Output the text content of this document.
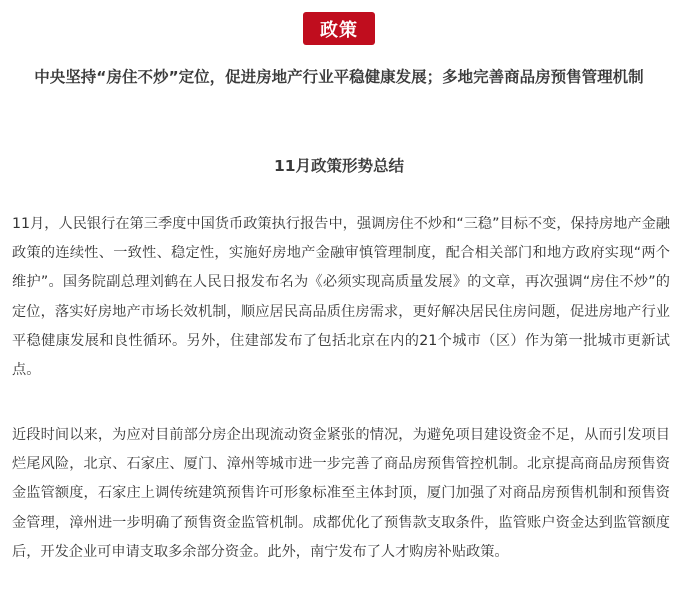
政策
中央坚持“房住不炒”定位，促进房地产行业平稳健康发展；多地完善商品房预售管理机制
11月政策形势总结

11月，人民银行在第三季度中国货币政策执行报告中，强调房住不炒和“三稳”目标不变，保持房地产金融政策的连续性、一致性、稳定性，实施好房地产金融审慎管理制度，配合相关部门和地方政府实现“两个维护”。国务院副总理刘鹤在人民日报发布名为《必须实现高质量发展》的文章，再次强调“房住不炒”的定位，落实好房地产市场长效机制，顺应居民高品质住房需求，更好解决居民住房问题，促进房地产行业平稳健康发展和良性循环。另外，住建部发布了包括北京在内的21个城市（区）作为第一批城市更新试点。

近段时间以来，为应对目前部分房企出现流动资金紧张的情况，为避免项目建设资金不足，从而引发项目烂尾风险，北京、石家庄、厦门、漳州等城市进一步完善了商品房预售管控机制。北京提高商品房预售资金监管额度，石家庄上调传统建筑预售许可形象标准至主体封顶，厦门加强了对商品房预售机制和预售资金管理，漳州进一步明确了预售资金监管机制。成都优化了预售款支取条件，监管账户资金达到监管额度后，开发企业可申请支取多余部分资金。此外，南宁发布了人才购房补贴政策。
